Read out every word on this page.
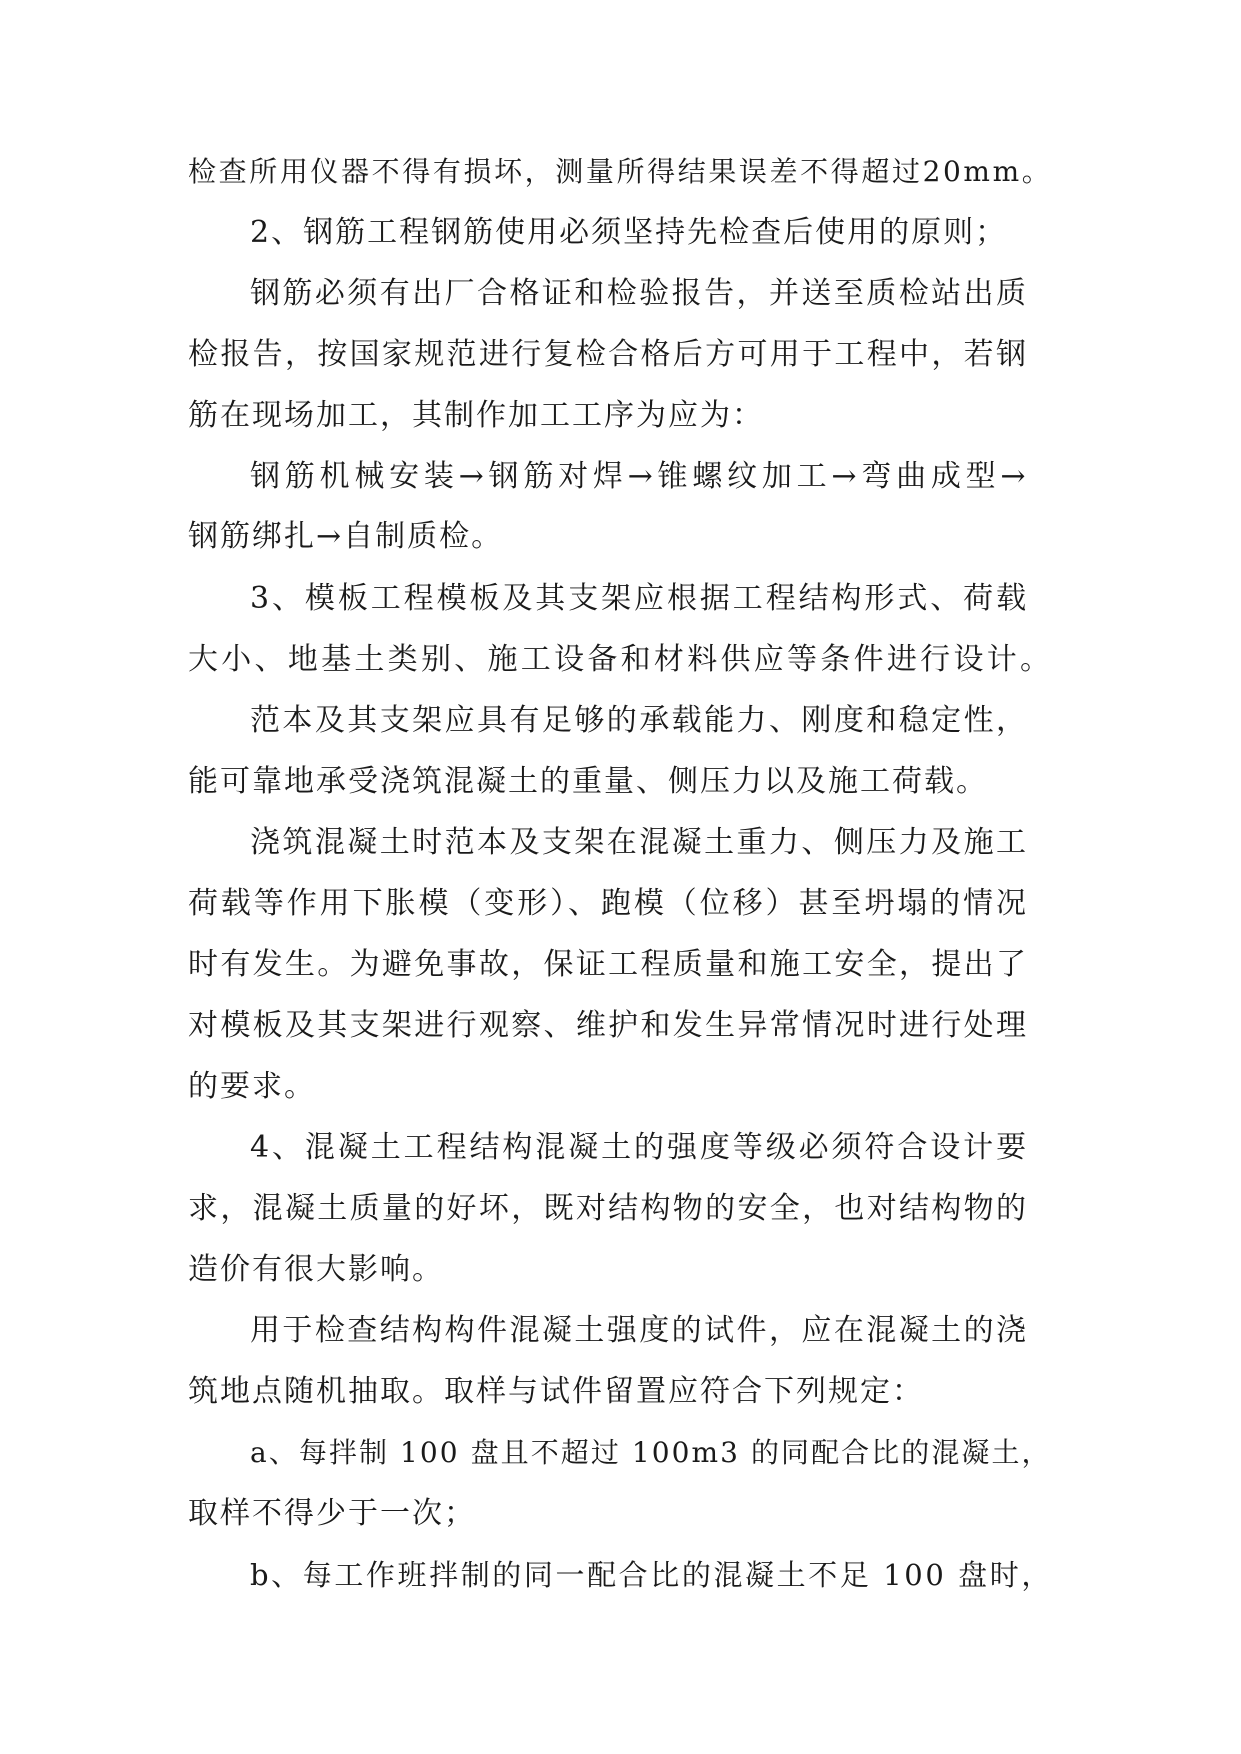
检查所用仪器不得有损坏，测量所得结果误差不得超过20mm。
2、钢筋工程钢筋使用必须坚持先检查后使用的原则；
钢筋必须有出厂合格证和检验报告，并送至质检站出质
检报告，按国家规范进行复检合格后方可用于工程中，若钢
筋在现场加工，其制作加工工序为应为：
钢筋机械安装→钢筋对焊→锥螺纹加工→弯曲成型→
钢筋绑扎→自制质检。
3、模板工程模板及其支架应根据工程结构形式、荷载
大小、地基土类别、施工设备和材料供应等条件进行设计。
范本及其支架应具有足够的承载能力、刚度和稳定性，
能可靠地承受浇筑混凝土的重量、侧压力以及施工荷载。
浇筑混凝土时范本及支架在混凝土重力、侧压力及施工
荷载等作用下胀模（变形）、跑模（位移）甚至坍塌的情况
时有发生。为避免事故，保证工程质量和施工安全，提出了
对模板及其支架进行观察、维护和发生异常情况时进行处理
的要求。
4、混凝土工程结构混凝土的强度等级必须符合设计要
求，混凝土质量的好坏，既对结构物的安全，也对结构物的
造价有很大影响。
用于检查结构构件混凝土强度的试件，应在混凝土的浇
筑地点随机抽取。取样与试件留置应符合下列规定：
a、每拌制 100 盘且不超过 100m3 的同配合比的混凝土，
取样不得少于一次；
b、每工作班拌制的同一配合比的混凝土不足 100 盘时，
